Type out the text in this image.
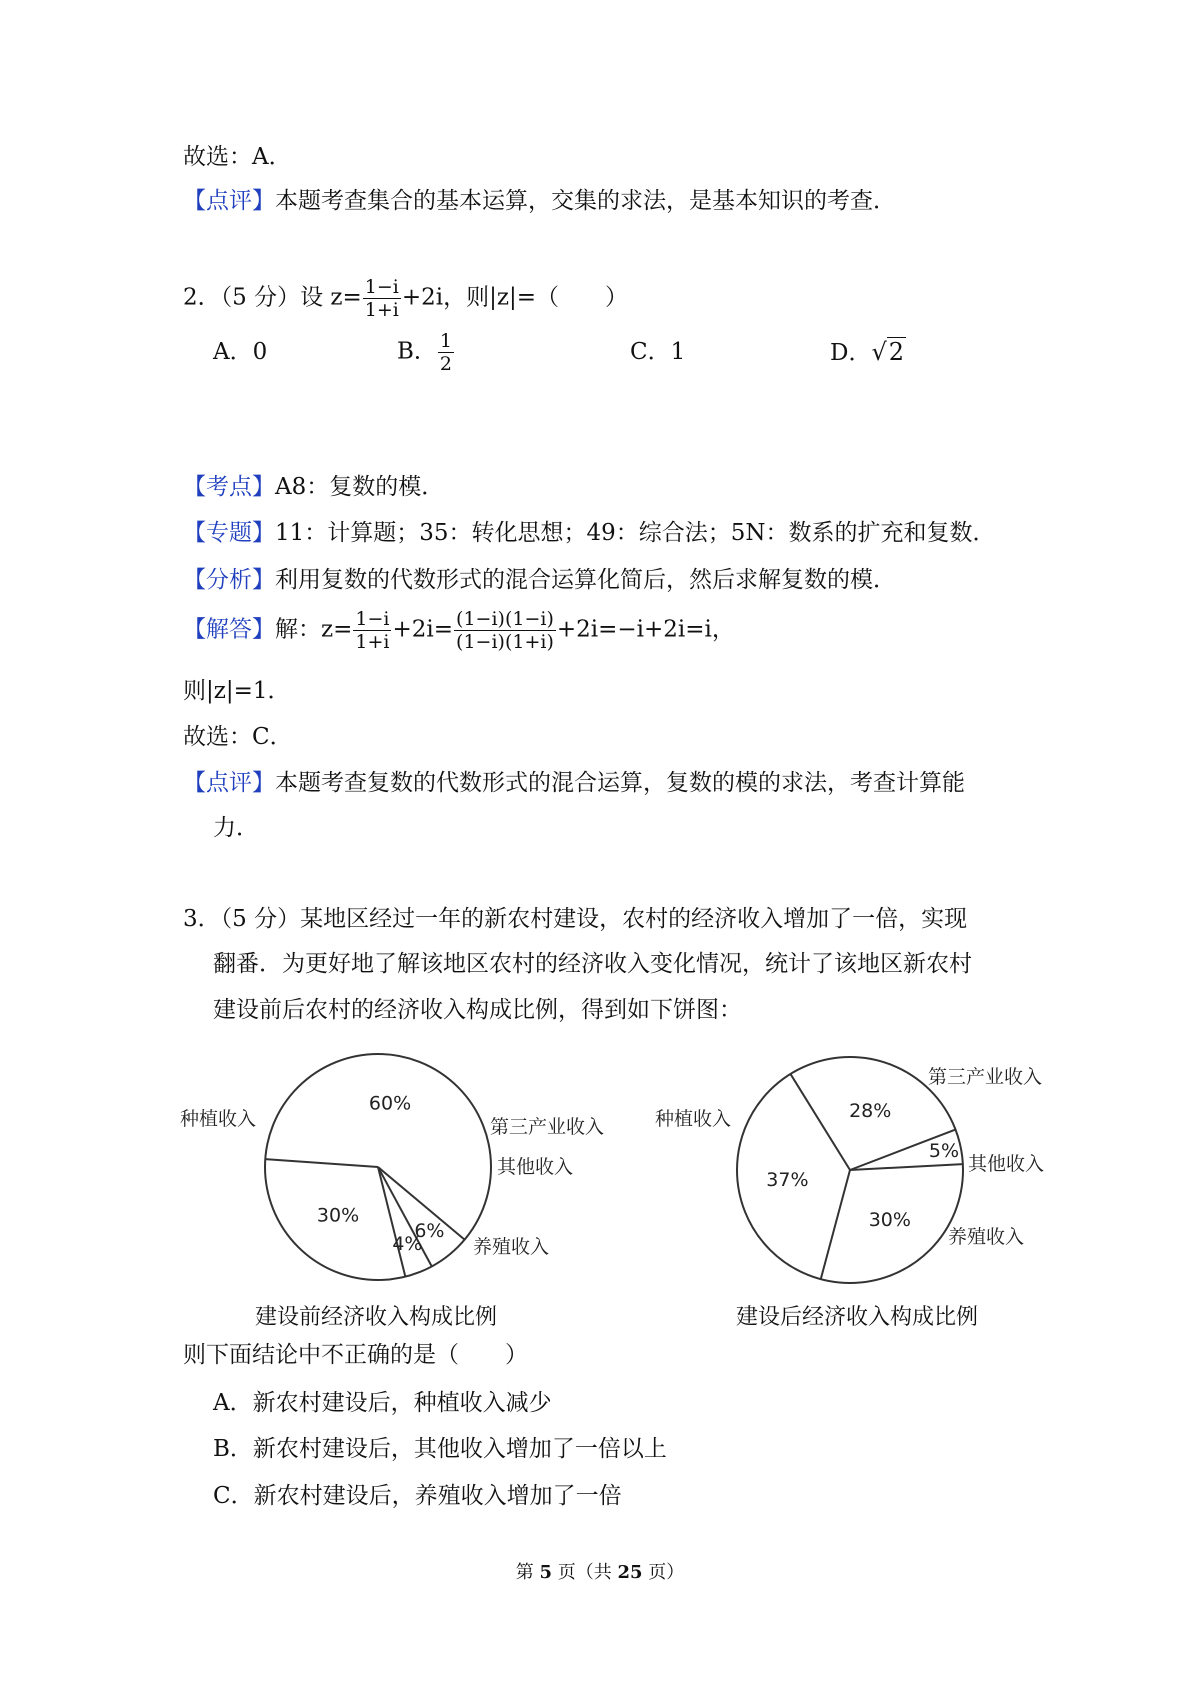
故选：A．
【点评】本题考查集合的基本运算，交集的求法，是基本知识的考查．
2．（5 分）设 $z= \frac{1-i}{1+i} +2i$，则|z|=（　　）
A．0	B． $\frac{1}{2}$	C．1	D．√2
【考点】A8：复数的模．
【专题】11：计算题；35：转化思想；49：综合法；5N：数系的扩充和复数．
【分析】利用复数的代数形式的混合运算化简后，然后求解复数的模．
【解答】解：$z= \frac{1-i}{1+i} +2i= \frac{(1-i)(1-i)}{(1-i)(1+i)} +2i=-i+2i=i$，
则|z|=1．
故选：C．
【点评】本题考查复数的代数形式的混合运算，复数的模的求法，考查计算能
力．
3．（5 分）某地区经过一年的新农村建设，农村的经济收入增加了一倍，实现
翻番．为更好地了解该地区农村的经济收入变化情况，统计了该地区新农村
建设前后农村的经济收入构成比例，得到如下饼图：
60%
种植收入
6%
第三产业收入
4%
其他收入
30%
养殖收入
37%
种植收入	28%
第三产业收入
5%
其他收入
30%
养殖收入
建设前经济收入构成比例	建设后经济收入构成比例
则下面结论中不正确的是（　　）
A．新农村建设后，种植收入减少
B．新农村建设后，其他收入增加了一倍以上
C．新农村建设后，养殖收入增加了一倍
第 5 页（共 25 页）
